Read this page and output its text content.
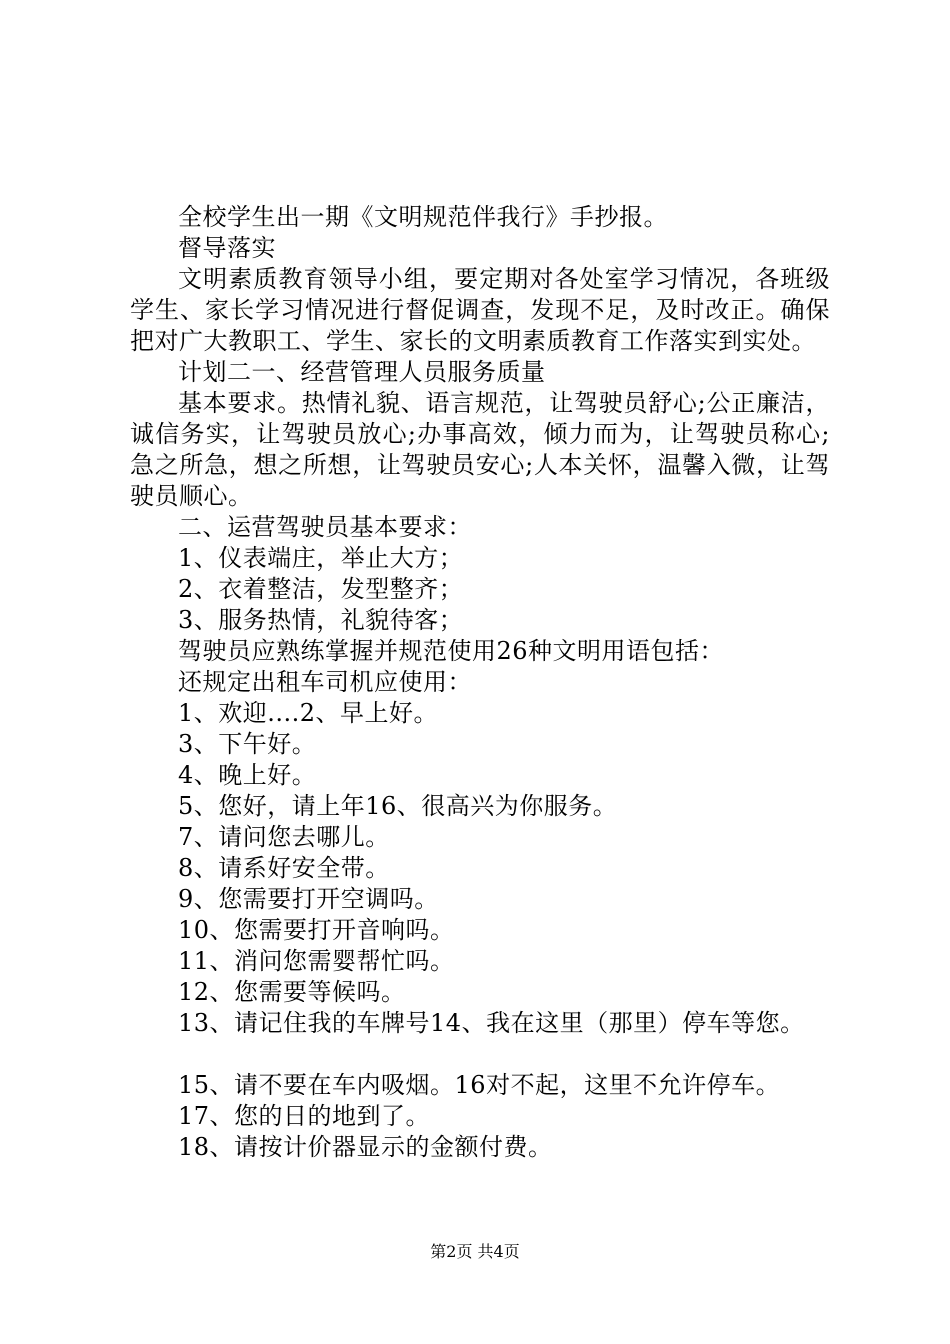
全校学生出一期《文明规范伴我行》手抄报。

督导落实

文明素质教育领导小组，要定期对各处室学习情况，各班级学生、家长学习情况进行督促调查，发现不足，及时改正。确保把对广大教职工、学生、家长的文明素质教育工作落实到实处。

计划二一、经营管理人员服务质量

基本要求。热情礼貌、语言规范，让驾驶员舒心;公正廉洁，诚信务实，让驾驶员放心;办事高效，倾力而为，让驾驶员称心;急之所急，想之所想，让驾驶员安心;人本关怀，温馨入微，让驾驶员顺心。

二、运营驾驶员基本要求：

1、仪表端庄，举止大方；

2、衣着整洁，发型整齐；

3、服务热情，礼貌待客；

驾驶员应熟练掌握并规范使用26种文明用语包括：

还规定出租车司机应使用：

1、欢迎....2、早上好。

3、下午好。

4、晚上好。

5、您好，请上年16、很高兴为你服务。

7、请问您去哪儿。

8、请系好安全带。

9、您需要打开空调吗。

10、您需要打开音响吗。

11、消问您需婴帮忙吗。

12、您需要等候吗。

13、请记住我的车牌号14、我在这里（那里）停车等您。

15、请不要在车内吸烟。16对不起，这里不允许停车。

17、您的日的地到了。

18、请按计价器显示的金额付费。

第2页 共4页
